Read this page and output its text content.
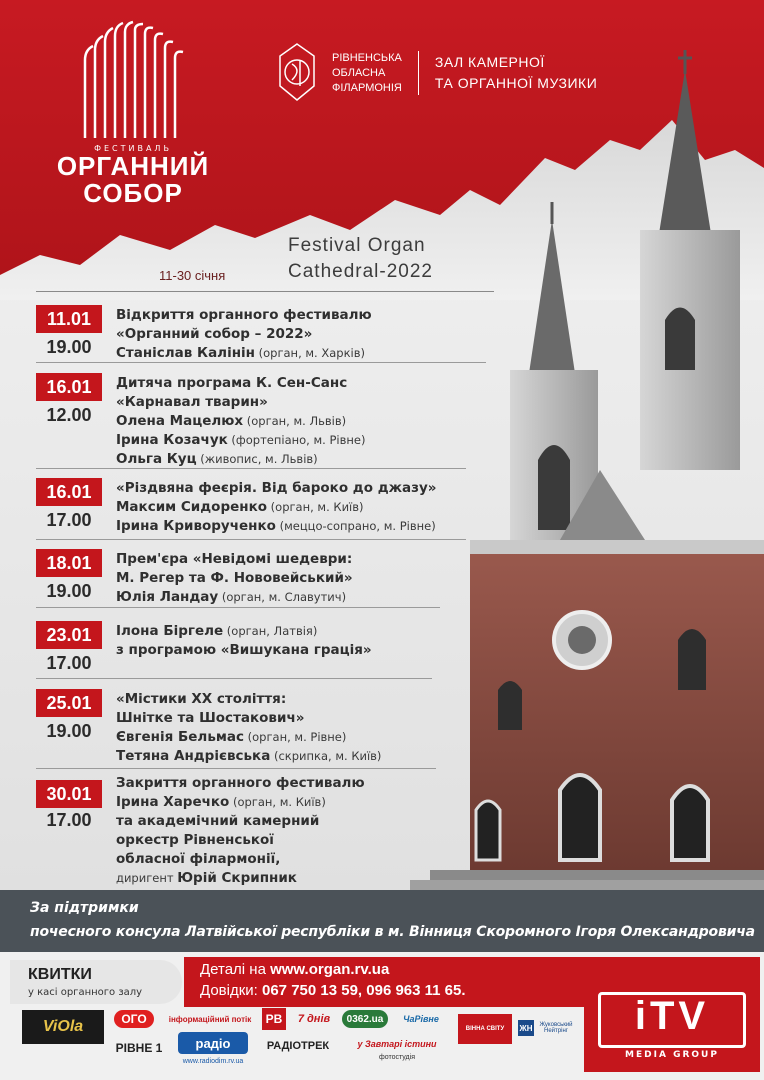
ФЕСТИВАЛЬ
ОРГАННИЙ
СОБОР
РІВНЕНСЬКА
ОБЛАСНА
ФІЛАРМОНІЯ
ЗАЛ КАМЕРНОЇ
ТА ОРГАННОЇ МУЗИКИ
Festival Organ
Cathedral-2022
11-30 січня
11.01
19.00
Відкриття органного фестивалю
«Органний собор – 2022»
Станіслав Калінін (орган, м. Харків)
16.01
12.00
Дитяча програма К. Сен-Санс
«Карнавал тварин»
Олена Мацелюх (орган, м. Львів)
Ірина Козачук (фортепіано, м. Рівне)
Ольга Куц (живопис, м. Львів)
16.01
17.00
«Різдвяна феєрія. Від бароко до джазу»
Максим Сидоренко (орган, м. Київ)
Ірина Криворученко (меццо-сопрано, м. Рівне)
18.01
19.00
Прем'єра «Невідомі шедеври:
М. Регер та Ф. Нововейський»
Юлія Ландау (орган, м. Славутич)
23.01
17.00
Ілона Біргеле (орган, Латвія)
з програмою «Вишукана грація»
25.01
19.00
«Містики ХХ століття:
Шнітке та Шостакович»
Євгенія Бельмас (орган, м. Рівне)
Тетяна Андрієвська (скрипка, м. Київ)
30.01
17.00
Закриття органного фестивалю
Ірина Харечко (орган, м. Київ)
та академічний камерний
оркестр Рівненської
обласної філармонії,
диригент Юрій Скрипник
За підтримки
почесного консула Латвійської республіки в м. Вінниця Скоромного Ігоря Олександровича
КВИТКИ
у касі органного залу
Деталі на www.organ.rv.ua
Довідки: 067 750 13 59, 096 963 11 65.
iTV
MEDIA GROUP
ViOla	ОГО	інформаційний потік	РВ	7 днів	0362.ua	ЧаРівне
ВІННА СВІТУ	ЖН	Жуковський Нейтрінг
РІВНЕ 1	радіо
www.radiodim.rv.ua
РАДІОТРЕК	у Завтарі істини
фотостудія
